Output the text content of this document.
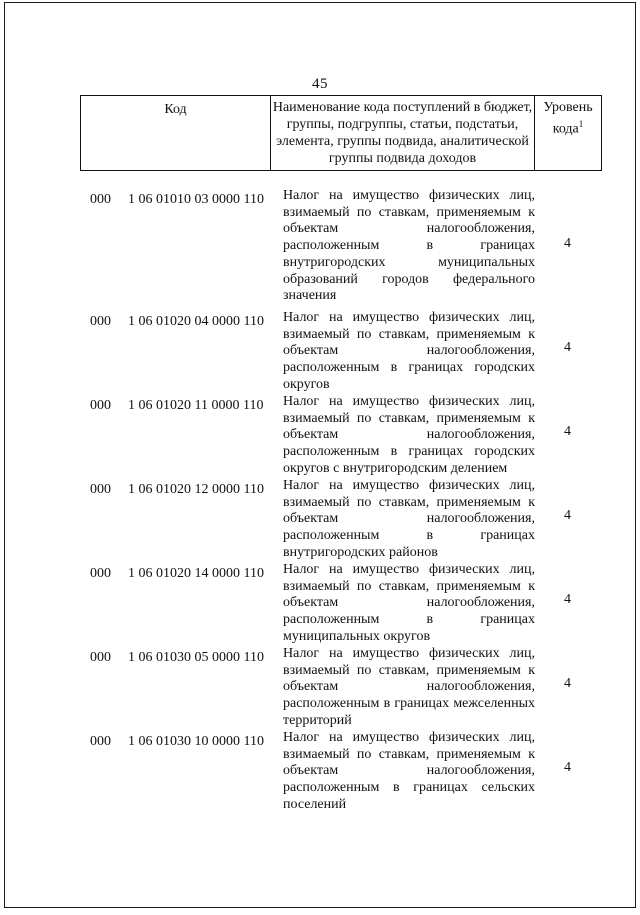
45
Код	Наименование кода поступлений в бюджет, группы, подгруппы, статьи, подстатьи, элемента, группы подвида, аналитической группы подвида доходов
Уровень кода$^1$
000 1 06 01010 03 0000 110 Налог на имущество физических лиц, взимаемый по ставкам, применяемым к объектам налогообложения, расположенным в границах внутригородских муниципальных образований городов федерального значения
4
000 1 06 01020 04 0000 110 Налог на имущество физических лиц, взимаемый по ставкам, применяемым к объектам налогообложения, расположенным в границах городских округов
4
000 1 06 01020 11 0000 110 Налог на имущество физических лиц, взимаемый по ставкам, применяемым к объектам налогообложения, расположенным в границах городских округов с внутригородским делением
4
000 1 06 01020 12 0000 110 Налог на имущество физических лиц, взимаемый по ставкам, применяемым к объектам налогообложения, расположенным в границах внутригородских районов
4
000 1 06 01020 14 0000 110 Налог на имущество физических лиц, взимаемый по ставкам, применяемым к объектам налогообложения, расположенным в границах муниципальных округов
4
000 1 06 01030 05 0000 110 Налог на имущество физических лиц, взимаемый по ставкам, применяемым к объектам налогообложения, расположенным в границах межселенных территорий
4
000 1 06 01030 10 0000 110 Налог на имущество физических лиц, взимаемый по ставкам, применяемым к объектам налогообложения, расположенным в границах сельских поселений
4
